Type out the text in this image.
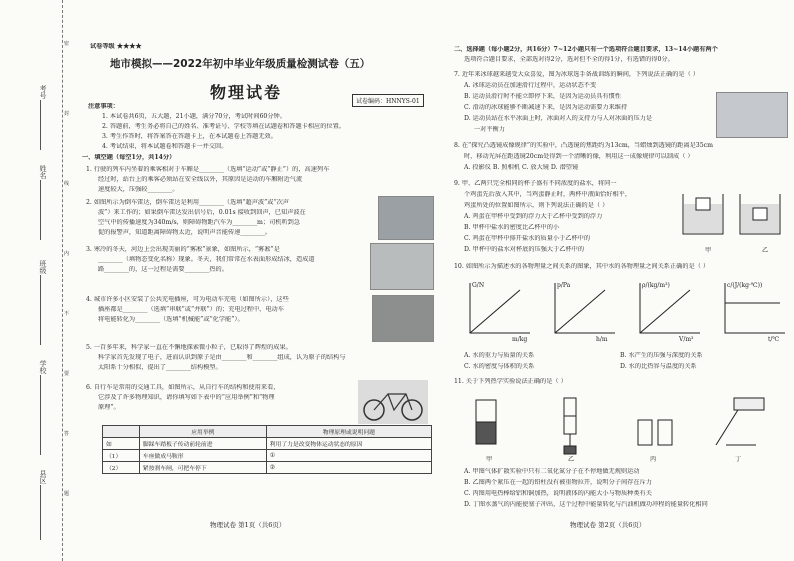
考号
姓名
班级
学校
县区
密
封
线
内
不
要
答
题
试卷等级 ★★★★
地市模拟——2022年初中毕业年级质量检测试卷（五）
物理试卷	试卷编码：HNNYS-01
注意事项：
1. 本试卷共6页，五大题，21小题，满分70分，考试时间60分钟。
2. 答题前，考生务必将自己的姓名、准考证号、学校等填在试题卷和答题卡相应的位置。
3. 考生作答时，将答案答在答题卡上，在本试题卷上答题无效。
4. 考试结束，将本试题卷和答题卡一并交回。
一、填空题（每空1分，共14分）
1. 行驶的列车内坐着的乘客相对于车厢是________（选填“运动”或“静止”）的，高速列车
经过时，站台上的乘客必须站在安全线以外，其原因是运动的车厢附近气流
速度较大，压强较________。
2. 如图所示为倒车雷达，倒车雷达是利用________（选填“超声波”或“次声
波”）来工作的；如果倒车雷达发出信号后，0.01s 接收到回声，已知声波在
空气中的传播速度为340m/s，则障碍物距汽车为________m；司机听到急
促的报警声，知道距离障碍物太近，说明声音能传递________。
3. 寒冷的冬天，河边上会出现美丽的“雾凇”景象，如图所示，“雾凇”是
________（填物态变化名称）现象。冬天，我们常常在水表面形成结冰，造成道
路________的，这一过程是需要________热的。
4. 城市许多小区安装了公共充电插座，可为电动车充电（如图所示），这些
插座都是________（选填“串联”或“并联”）的；充电过程中，电动车
将电能转化为________（选填“机械能”或“化学能”）。
5. 一百多年来，科学家一直在不懈地探索微小粒子，已取得了辉煌的成果。
科学家首先发现了电子，进而认识到原子是由________和________组成，认为原子的结构与
太阳系十分相似，提出了________结构模型。
6. 自行车是常用的交通工具，如图所示，从自行车的结构和使用来看，
它涉及了许多物理知识，请你填写如下表中的“应用举例”和“物理
原理”。
	应用举例	物理原理或说明问题
如	脚踩车踏板子传动前轮前进	利用了力是改变物体运动状态的原因
（1）	车座做成马鞍形	①
（2）	紧按刹车闸，可把车停下	②
物理试卷 第1页（共6页）
二、选择题（每小题2分，共16分）7~12小题只有一个选项符合题目要求，13~14小题有两个
选项符合题目要求，全部选对得2分，选对但不全的得1分，有选错的得0分。
7. 近年来冰球越来越受大众喜爱，图为冰球选手备战训练的瞬间，下列说法正确的是（ ）
A. 冰球运动员在加速滑行过程中，运动状态不变
B. 运动员滑行时不能立即停下来，是因为运动员具有惯性
C. 滑动的冰球能够不断减速下来，是因为运动需要力来维持
D. 运动员站在水平冰面上时，冰面对人的支持力与人对冰面的压力是
一对平衡力
8. 在“探究凸透镜成像规律”的实验中，凸透镜的焦距约为13cm，当蜡烛到透镜的距离是35cm
时，移动光屏在距透镜20cm处得到一个清晰的像，利用这一成像规律可以制成（ ）
A. 投影仪 B. 照相机 C. 放大镜 D. 潜望镜
9. 甲、乙两只完全相同的杯子盛有不同浓度的盐水，将同一
个鸡蛋先后放入其中，当鸡蛋静止时，两杯中液面恰好相平，
鸡蛋所处的位置如图所示，则下列说法正确的是（ ）
A. 鸡蛋在甲杯中受到的浮力大于乙杯中受到的浮力
B. 甲杯中盐水的密度比乙杯中的小
C. 鸡蛋在甲杯中排开盐水的质量小于乙杯中的
D. 甲杯中的盐水对杯底的压强大于乙杯中的	甲	乙
10. 如图所示为描述水的各物理量之间关系的图象，其中水的各物理量之间关系正确的是（ ）
G/N	p/Pa	ρ/(kg/m³)	c/(J/(kg·℃))
m/kg	h/m	V/m³	t/℃
A. 水的重力与质量的关系	B. 水产生的压强与深度的关系
C. 水的密度与体积的关系	D. 水的比热容与温度的关系
11. 关于下列热学实验说法正确的是（ ）
甲	乙	丙	丁
A. 甲图气体扩散实验中只有二氧化氮分子在不停地做无规则运动
B. 乙图两个紧压在一起的铅柱没有被重物拉开，说明分子间存在斥力
C. 丙图用电热棒给铝和铜加热，说明液体的内能大小与物质种类有关
D. 丁图水蒸气的内能使塞子冲出，这个过程中能量转化与汽油机做功冲程的能量转化相同
物理试卷 第2页（共6页）
